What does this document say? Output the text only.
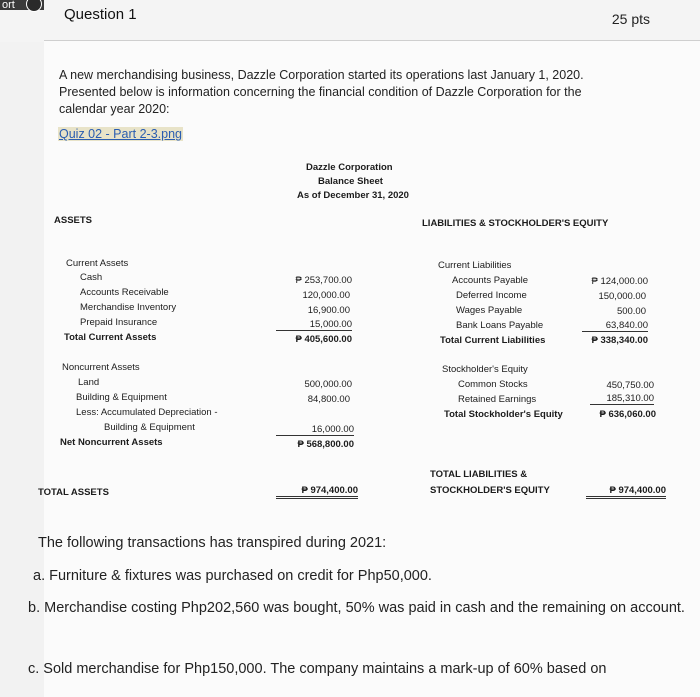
ort
Question 1	25 pts
A new merchandising business, Dazzle Corporation started its operations last January 1, 2020. Presented below is information concerning the financial condition of Dazzle Corporation for the calendar year 2020:
Quiz 02 - Part 2-3.png
Dazzle Corporation
Balance Sheet
As of December 31, 2020
ASSETS	LIABILITIES & STOCKHOLDER'S EQUITY
Current Assets
Cash	₱ 253,700.00
Accounts Receivable	120,000.00
Merchandise Inventory	16,900.00
Prepaid Insurance	15,000.00
Total Current Assets	₱ 405,600.00
Noncurrent Assets
Land	500,000.00
Building & Equipment	84,800.00
Less: Accumulated Depreciation -
Building & Equipment	16,000.00
Net Noncurrent Assets	₱ 568,800.00
TOTAL ASSETS	₱ 974,400.00
Current Liabilities
Accounts Payable	₱ 124,000.00
Deferred Income	150,000.00
Wages Payable	500.00
Bank Loans Payable	63,840.00
Total Current Liabilities	₱ 338,340.00
Stockholder's Equity
Common Stocks	450,750.00
Retained Earnings	185,310.00
Total Stockholder's Equity	₱ 636,060.00
TOTAL LIABILITIES &
STOCKHOLDER'S EQUITY	₱ 974,400.00
The following transactions has transpired during 2021:
a. Furniture & fixtures was purchased on credit for Php50,000.
b. Merchandise costing Php202,560 was bought, 50% was paid in cash and the remaining on account.
c. Sold merchandise for Php150,000. The company maintains a mark-up of 60% based on
